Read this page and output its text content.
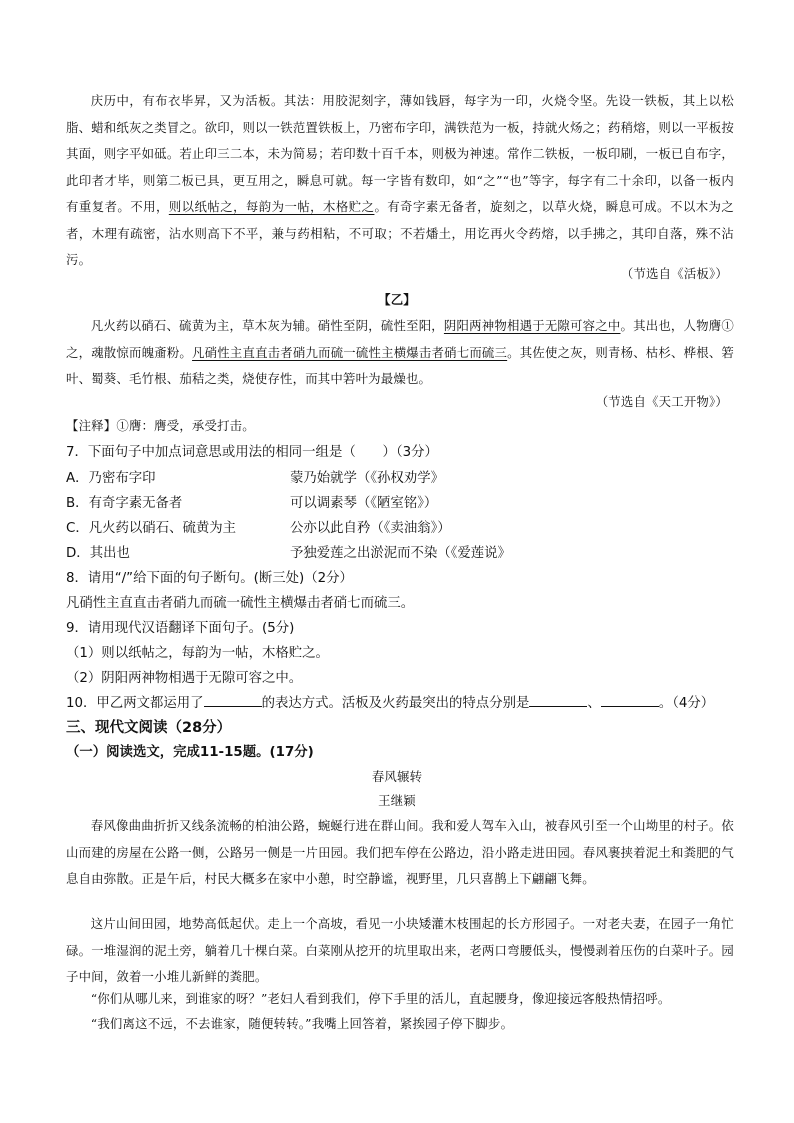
庆历中，有布衣毕昇，又为活板。其法：用胶泥刻字，薄如钱唇，每字为一印，火烧令坚。先设一铁板，其上以松脂、蜡和纸灰之类冒之。欲印，则以一铁范置铁板上，乃密布字印，满铁范为一板，持就火炀之；药稍熔，则以一平板按其面，则字平如砥。若止印三二本，未为简易；若印数十百千本，则极为神速。常作二铁板，一板印刷，一板已自布字，此印者才毕，则第二板已具，更互用之，瞬息可就。每一字皆有数印，如“之”“也”等字，每字有二十余印，以备一板内有重复者。不用，则以纸帖之，每韵为一帖，木格贮之。有奇字素无备者，旋刻之，以草火烧，瞬息可成。不以木为之者，木理有疏密，沾水则高下不平，兼与药相粘，不可取；不若燔土，用讫再火令药熔，以手拂之，其印自落，殊不沾污。

（节选自《活板》）
【乙】

凡火药以硝石、硫黄为主，草木灰为辅。硝性至阴，硫性至阳，阴阳两神物相遇于无隙可容之中。其出也，人物膺①之，魂散惊而魄齑粉。凡硝性主直直击者硝九而硫一硫性主横爆击者硝七而硫三。其佐使之灰，则青杨、枯杉、桦根、箬叶、蜀葵、毛竹根、茄秸之类，烧使存性，而其中箬叶为最燥也。

（节选自《天工开物》）
【注释】①膺：膺受，承受打击。
7．下面句子中加点词意思或用法的相同一组是（　　）（3分）
A．乃密布字印	蒙乃始就学（《孙权劝学》
B．有奇字素无备者	可以调素琴（《陋室铭》）
C．凡火药以硝石、硫黄为主	公亦以此自矜（《卖油翁》）
D．其出也	予独爱莲之出淤泥而不染（《爱莲说》
8．请用“/”给下面的句子断句。(断三处)（2分）
凡硝性主直直击者硝九而硫一硫性主横爆击者硝七而硫三。
9．请用现代汉语翻译下面句子。(5分)
（1）则以纸帖之，每韵为一帖，木格贮之。
（2）阴阳两神物相遇于无隙可容之中。
10．甲乙两文都运用了	的表达方式。活板及火药最突出的特点分别是	、	。（4分）
三、现代文阅读（28分）
（一）阅读选文，完成11-15题。(17分)
春风辗转
王继颖

春风像曲曲折折又线条流畅的柏油公路，蜿蜒行进在群山间。我和爱人驾车入山，被春风引至一个山坳里的村子。依山而建的房屋在公路一侧，公路另一侧是一片田园。我们把车停在公路边，沿小路走进田园。春风裹挟着泥土和粪肥的气息自由弥散。正是午后，村民大概多在家中小憩，时空静谧，视野里，几只喜鹊上下翩翩飞舞。

这片山间田园，地势高低起伏。走上一个高坡，看见一小块矮灌木枝围起的长方形园子。一对老夫妻，在园子一角忙碌。一堆湿润的泥土旁，躺着几十棵白菜。白菜刚从挖开的坑里取出来，老两口弯腰低头，慢慢剥着压伤的白菜叶子。园子中间，敛着一小堆儿新鲜的粪肥。

“你们从哪儿来，到谁家的呀？”老妇人看到我们，停下手里的活儿，直起腰身，像迎接远客般热情招呼。

“我们离这不远，不去谁家，随便转转。”我嘴上回答着，紧挨园子停下脚步。
